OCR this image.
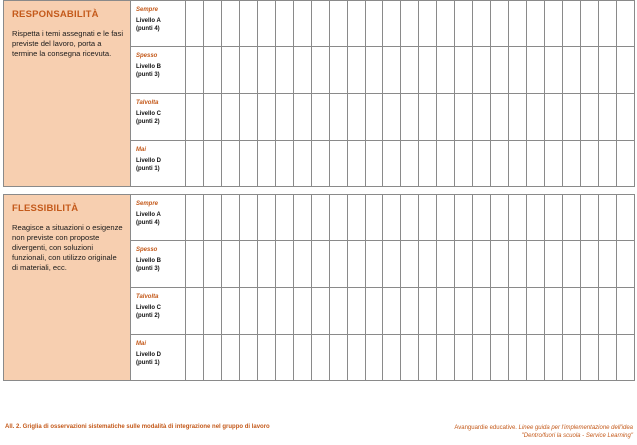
RESPONSABILITÀ
Rispetta i temi assegnati e le fasi previste del lavoro, porta a termine la consegna ricevuta.	Sempre
Livello A
(punti 4)																									

	Spesso
Livello B
(punti 3)																									

	Talvolta
Livello C
(punti 2)																									

	Mai
Livello D
(punti 1)																									

FLESSIBILITÀ
Reagisce a situazioni o esigenze non previste con proposte divergenti, con soluzioni funzionali, con utilizzo originale di materiali, ecc.	Sempre
Livello A
(punti 4)																									

	Spesso
Livello B
(punti 3)																									

	Talvolta
Livello C
(punti 2)																									

	Mai
Livello D
(punti 1)																									

All. 2. Griglia di osservazioni sistematiche sulle modalità di integrazione nel gruppo di lavoro	Avanguardie educative. Linee guida per l'implementazione dell'idea
"Dentro/fuori la scuola - Service Learning"
